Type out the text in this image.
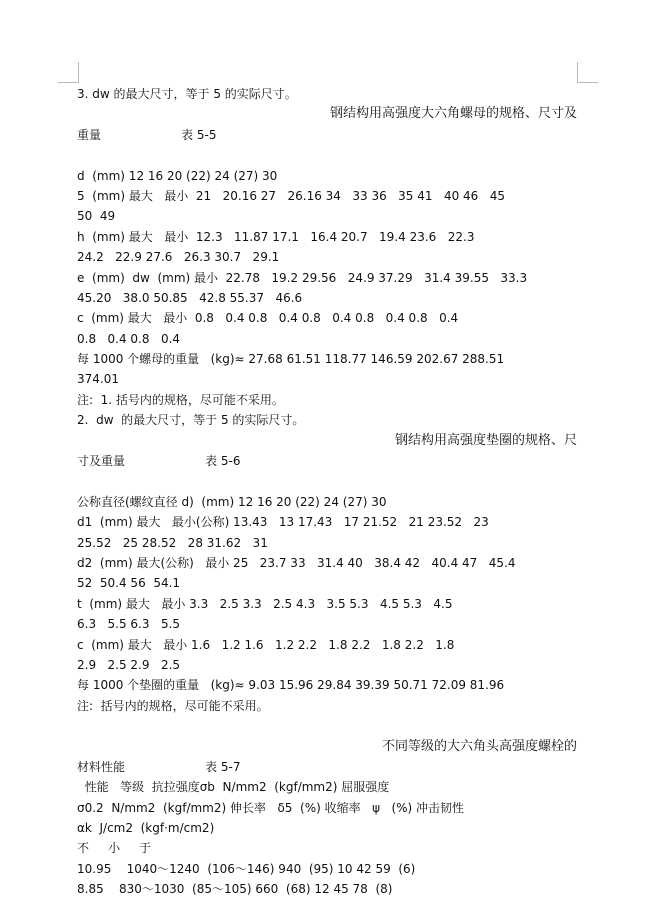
3. dw 的最大尺寸，等于 5 的实际尺寸。
钢结构用高强度大六角螺母的规格、尺寸及
重量                     表 5-5
d  (mm) 12 16 20 (22) 24 (27) 30
5  (mm) 最大   最小  21   20.16 27   26.16 34   33 36   35 41   40 46   45
50  49
h  (mm) 最大   最小  12.3   11.87 17.1   16.4 20.7   19.4 23.6   22.3
24.2   22.9 27.6   26.3 30.7   29.1
e  (mm)  dw  (mm) 最小  22.78   19.2 29.56   24.9 37.29   31.4 39.55   33.3
45.20   38.0 50.85   42.8 55.37   46.6
c  (mm) 最大   最小  0.8   0.4 0.8   0.4 0.8   0.4 0.8   0.4 0.8   0.4
0.8   0.4 0.8   0.4
每 1000 个螺母的重量   (kg)≈ 27.68 61.51 118.77 146.59 202.67 288.51
374.01
注:  1. 括号内的规格，尽可能不采用。
2.  dw  的最大尺寸，等于 5 的实际尺寸。
钢结构用高强度垫圈的规格、尺
寸及重量                     表 5-6
公称直径(螺纹直径 d)  (mm) 12 16 20 (22) 24 (27) 30
d1  (mm) 最大   最小(公称) 13.43   13 17.43   17 21.52   21 23.52   23
25.52   25 28.52   28 31.62   31
d2  (mm) 最大(公称)   最小 25   23.7 33   31.4 40   38.4 42   40.4 47   45.4
52  50.4 56  54.1
t  (mm) 最大   最小 3.3   2.5 3.3   2.5 4.3   3.5 5.3   4.5 5.3   4.5
6.3   5.5 6.3   5.5
c  (mm) 最大   最小 1.6   1.2 1.6   1.2 2.2   1.8 2.2   1.8 2.2   1.8
2.9   2.5 2.9   2.5
每 1000 个垫圈的重量   (kg)≈ 9.03 15.96 29.84 39.39 50.71 72.09 81.96
注:  括号内的规格，尽可能不采用。
不同等级的大六角头高强度螺栓的
材料性能                     表 5-7
性能   等级  抗拉强度σb  N/mm2  (kgf/mm2) 屈服强度
σ0.2  N/mm2  (kgf/mm2) 伸长率   δ5  (%) 收缩率   ψ   (%) 冲击韧性
αk  J/cm2  (kgf·m/cm2)
不     小     于
10.95    1040～1240  (106～146) 940  (95) 10 42 59  (6)
8.85    830～1030  (85～105) 660  (68) 12 45 78  (8)
